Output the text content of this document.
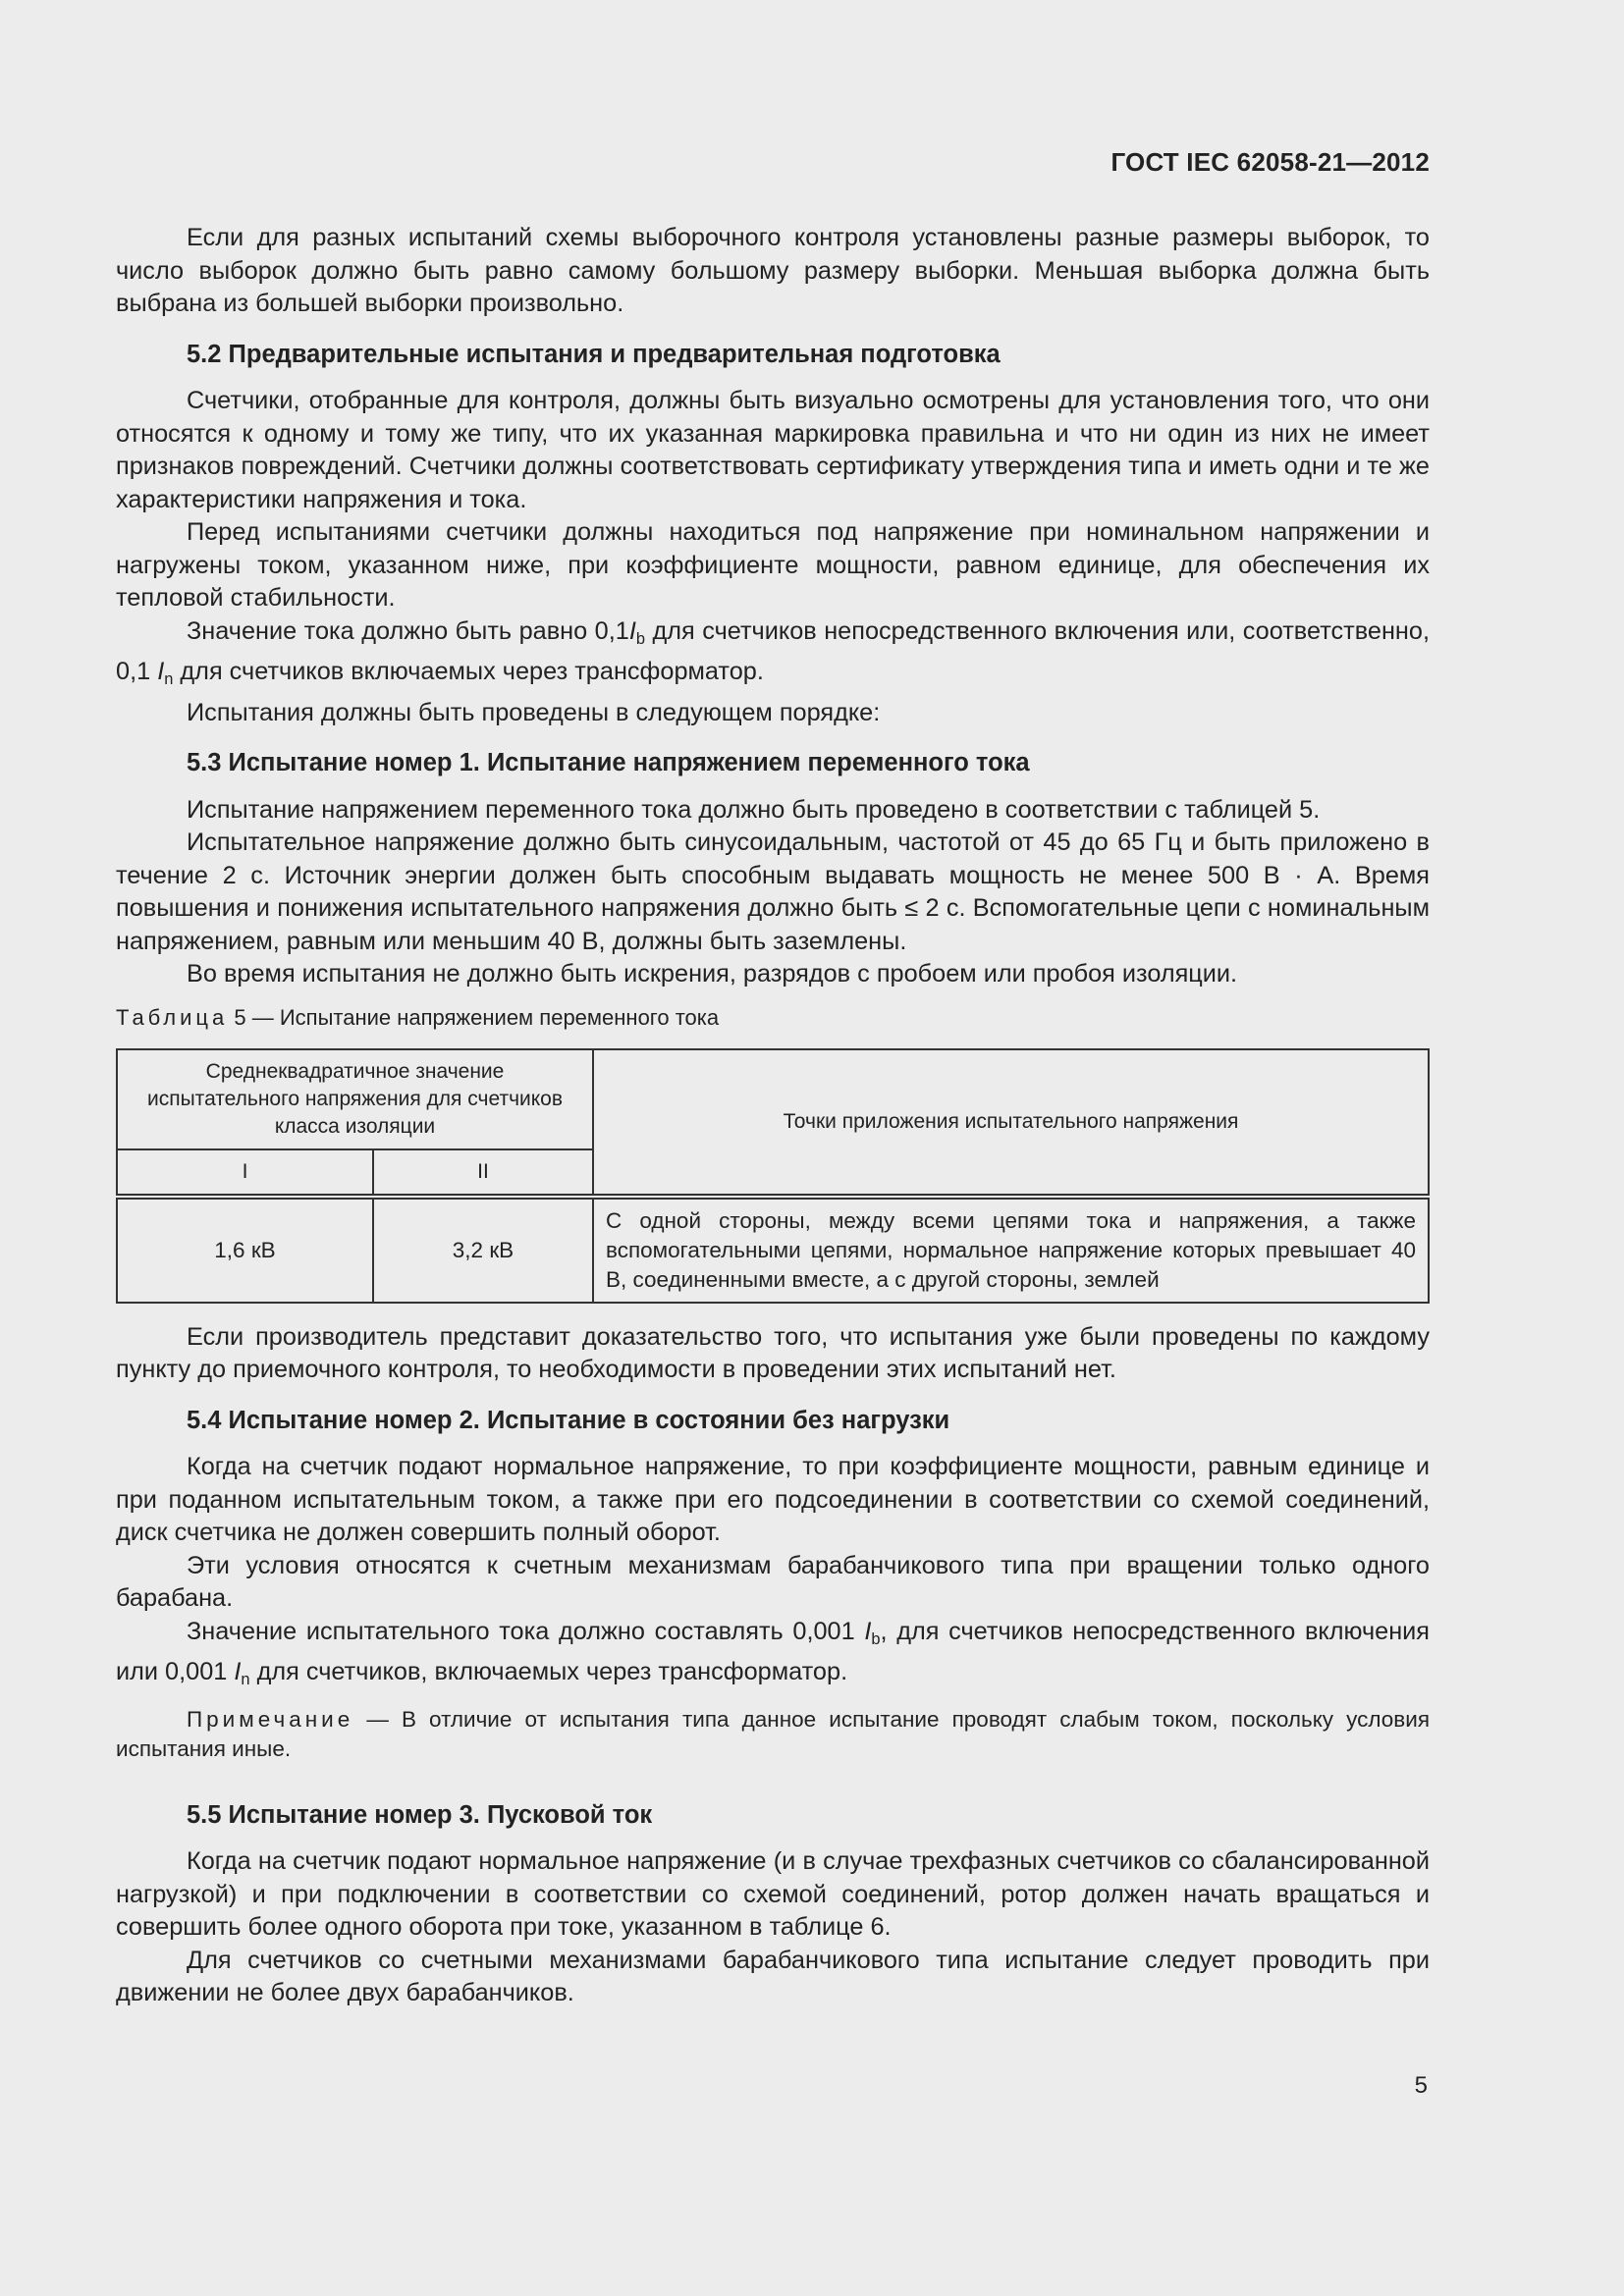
ГОСТ IEC 62058-21—2012

Если для разных испытаний схемы выборочного контроля установлены разные размеры выборок, то число выборок должно быть равно самому большому размеру выборки. Меньшая выборка должна быть выбрана из большей выборки произвольно.

5.2 Предварительные испытания и предварительная подготовка

Счетчики, отобранные для контроля, должны быть визуально осмотрены для установления того, что они относятся к одному и тому же типу, что их указанная маркировка правильна и что ни один из них не имеет признаков повреждений. Счетчики должны соответствовать сертификату утверждения типа и иметь одни и те же характеристики напряжения и тока.

Перед испытаниями счетчики должны находиться под напряжение при номинальном напряжении и нагружены током, указанном ниже, при коэффициенте мощности, равном единице, для обеспечения их тепловой стабильности.

Значение тока должно быть равно $0,1I_b$ для счетчиков непосредственного включения или, соответственно, 0,1 $I_n$ для счетчиков включаемых через трансформатор.

Испытания должны быть проведены в следующем порядке:

5.3 Испытание номер 1. Испытание напряжением переменного тока

Испытание напряжением переменного тока должно быть проведено в соответствии с таблицей 5.

Испытательное напряжение должно быть синусоидальным, частотой от 45 до 65 Гц и быть приложено в течение 2 с. Источник энергии должен быть способным выдавать мощность не менее 500 В · А. Время повышения и понижения испытательного напряжения должно быть ≤ 2 с. Вспомогательные цепи с номинальным напряжением, равным или меньшим 40 В, должны быть заземлены.

Во время испытания не должно быть искрения, разрядов с пробоем или пробоя изоляции.

Таблица 5 — Испытание напряжением переменного тока
Среднеквадратичное значение испытательного напряжения для счетчиков класса изоляции		Точки приложения испытательного напряжения
I	II	
1,6 кВ	3,2 кВ	С одной стороны, между всеми цепями тока и напряжения, а также вспомогательными цепями, нормальное напряжение которых превышает 40 В, соединенными вместе, а с другой стороны, землей

Если производитель представит доказательство того, что испытания уже были проведены по каждому пункту до приемочного контроля, то необходимости в проведении этих испытаний нет.

5.4 Испытание номер 2. Испытание в состоянии без нагрузки

Когда на счетчик подают нормальное напряжение, то при коэффициенте мощности, равным единице и при поданном испытательным током, а также при его подсоединении в соответствии со схемой соединений, диск счетчика не должен совершить полный оборот.

Эти условия относятся к счетным механизмам барабанчикового типа при вращении только одного барабана.

Значение испытательного тока должно составлять 0,001 $I_b$, для счетчиков непосредственного включения или 0,001 $I_n$ для счетчиков, включаемых через трансформатор.

Примечание — В отличие от испытания типа данное испытание проводят слабым током, поскольку условия испытания иные.

5.5 Испытание номер 3. Пусковой ток

Когда на счетчик подают нормальное напряжение (и в случае трехфазных счетчиков со сбалансированной нагрузкой) и при подключении в соответствии со схемой соединений, ротор должен начать вращаться и совершить более одного оборота при токе, указанном в таблице 6.

Для счетчиков со счетными механизмами барабанчикового типа испытание следует проводить при движении не более двух барабанчиков.

5
